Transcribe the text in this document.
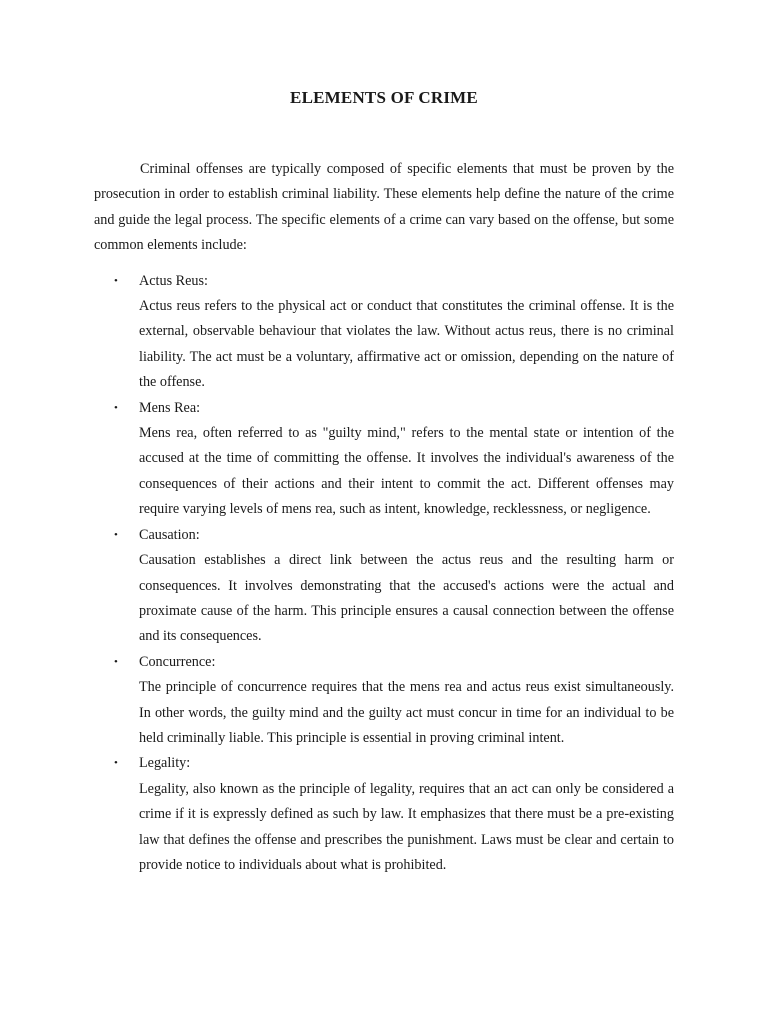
ELEMENTS OF CRIME

Criminal offenses are typically composed of specific elements that must be proven by the prosecution in order to establish criminal liability. These elements help define the nature of the crime and guide the legal process. The specific elements of a crime can vary based on the offense, but some common elements include:

• Actus Reus:
Actus reus refers to the physical act or conduct that constitutes the criminal offense. It is the external, observable behaviour that violates the law. Without actus reus, there is no criminal liability. The act must be a voluntary, affirmative act or omission, depending on the nature of the offense.
• Mens Rea:
Mens rea, often referred to as "guilty mind," refers to the mental state or intention of the accused at the time of committing the offense. It involves the individual's awareness of the consequences of their actions and their intent to commit the act. Different offenses may require varying levels of mens rea, such as intent, knowledge, recklessness, or negligence.
• Causation:
Causation establishes a direct link between the actus reus and the resulting harm or consequences. It involves demonstrating that the accused's actions were the actual and proximate cause of the harm. This principle ensures a causal connection between the offense and its consequences.
• Concurrence:
The principle of concurrence requires that the mens rea and actus reus exist simultaneously. In other words, the guilty mind and the guilty act must concur in time for an individual to be held criminally liable. This principle is essential in proving criminal intent.
• Legality:
Legality, also known as the principle of legality, requires that an act can only be considered a crime if it is expressly defined as such by law. It emphasizes that there must be a pre-existing law that defines the offense and prescribes the punishment. Laws must be clear and certain to provide notice to individuals about what is prohibited.
